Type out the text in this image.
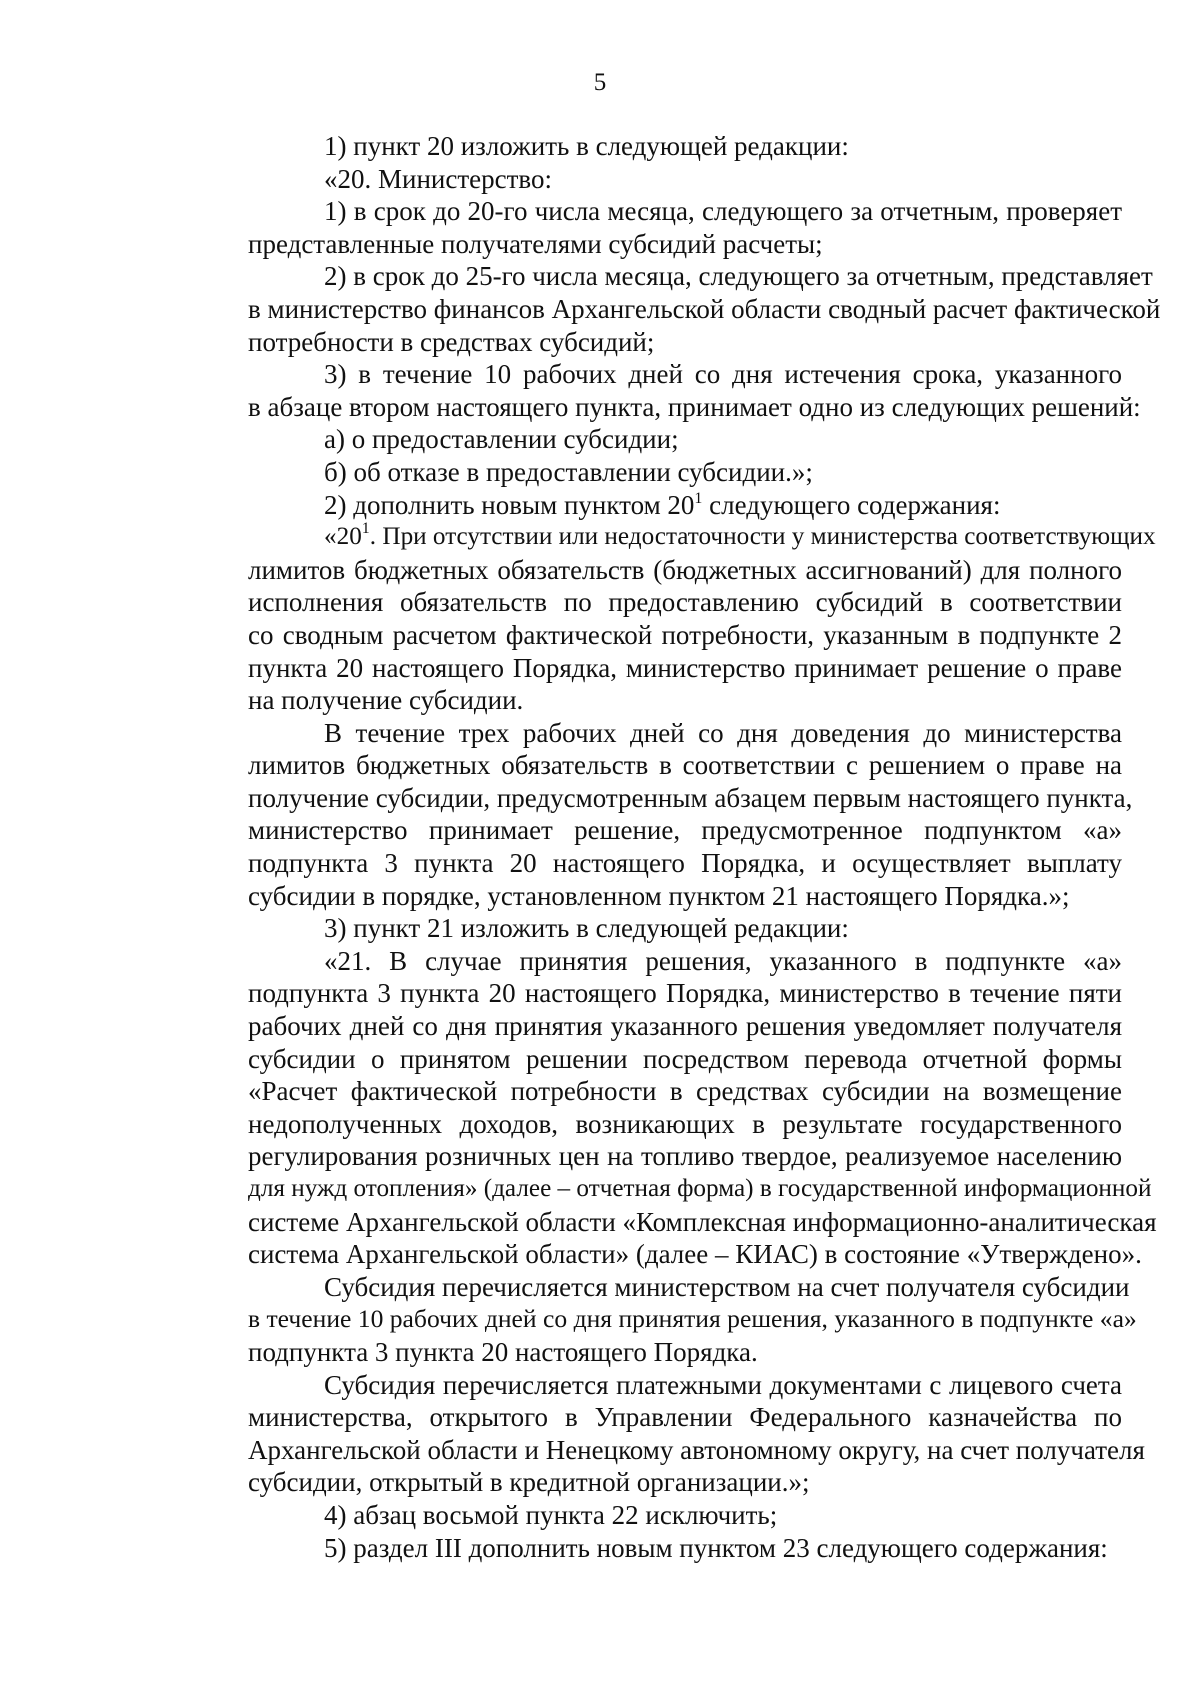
5

1) пункт 20 изложить в следующей редакции:

«20. Министерство:

1) в срок до 20-го числа месяца, следующего за отчетным, проверяет
представленные получателями субсидий расчеты;

2) в срок до 25-го числа месяца, следующего за отчетным, представляет
в министерство финансов Архангельской области сводный расчет фактической
потребности в средствах субсидий;

3) в течение 10 рабочих дней со дня истечения срока, указанного
в абзаце втором настоящего пункта, принимает одно из следующих решений:

а) о предоставлении субсидии;

б) об отказе в предоставлении субсидии.»;

2) дополнить новым пунктом $20^1$ следующего содержания:

«$20^1$. При отсутствии или недостаточности у министерства соответствующих
лимитов бюджетных обязательств (бюджетных ассигнований) для полного
исполнения обязательств по предоставлению субсидий в соответствии
со сводным расчетом фактической потребности, указанным в подпункте 2
пункта 20 настоящего Порядка, министерство принимает решение о праве
на получение субсидии.

В течение трех рабочих дней со дня доведения до министерства
лимитов бюджетных обязательств в соответствии с решением о праве на
получение субсидии, предусмотренным абзацем первым настоящего пункта,
министерство принимает решение, предусмотренное подпунктом «а»
подпункта 3 пункта 20 настоящего Порядка, и осуществляет выплату
субсидии в порядке, установленном пунктом 21 настоящего Порядка.»;

3) пункт 21 изложить в следующей редакции:

«21. В случае принятия решения, указанного в подпункте «а»
подпункта 3 пункта 20 настоящего Порядка, министерство в течение пяти
рабочих дней со дня принятия указанного решения уведомляет получателя
субсидии о принятом решении посредством перевода отчетной формы
«Расчет фактической потребности в средствах субсидии на возмещение
недополученных доходов, возникающих в результате государственного
регулирования розничных цен на топливо твердое, реализуемое населению
для нужд отопления» (далее – отчетная форма) в государственной информационной
системе Архангельской области «Комплексная информационно-аналитическая
система Архангельской области» (далее – КИАС) в состояние «Утверждено».

Субсидия перечисляется министерством на счет получателя субсидии
в течение 10 рабочих дней со дня принятия решения, указанного в подпункте «а»
подпункта 3 пункта 20 настоящего Порядка.

Субсидия перечисляется платежными документами с лицевого счета
министерства, открытого в Управлении Федерального казначейства по
Архангельской области и Ненецкому автономному округу, на счет получателя
субсидии, открытый в кредитной организации.»;

4) абзац восьмой пункта 22 исключить;

5) раздел III дополнить новым пунктом 23 следующего содержания:
